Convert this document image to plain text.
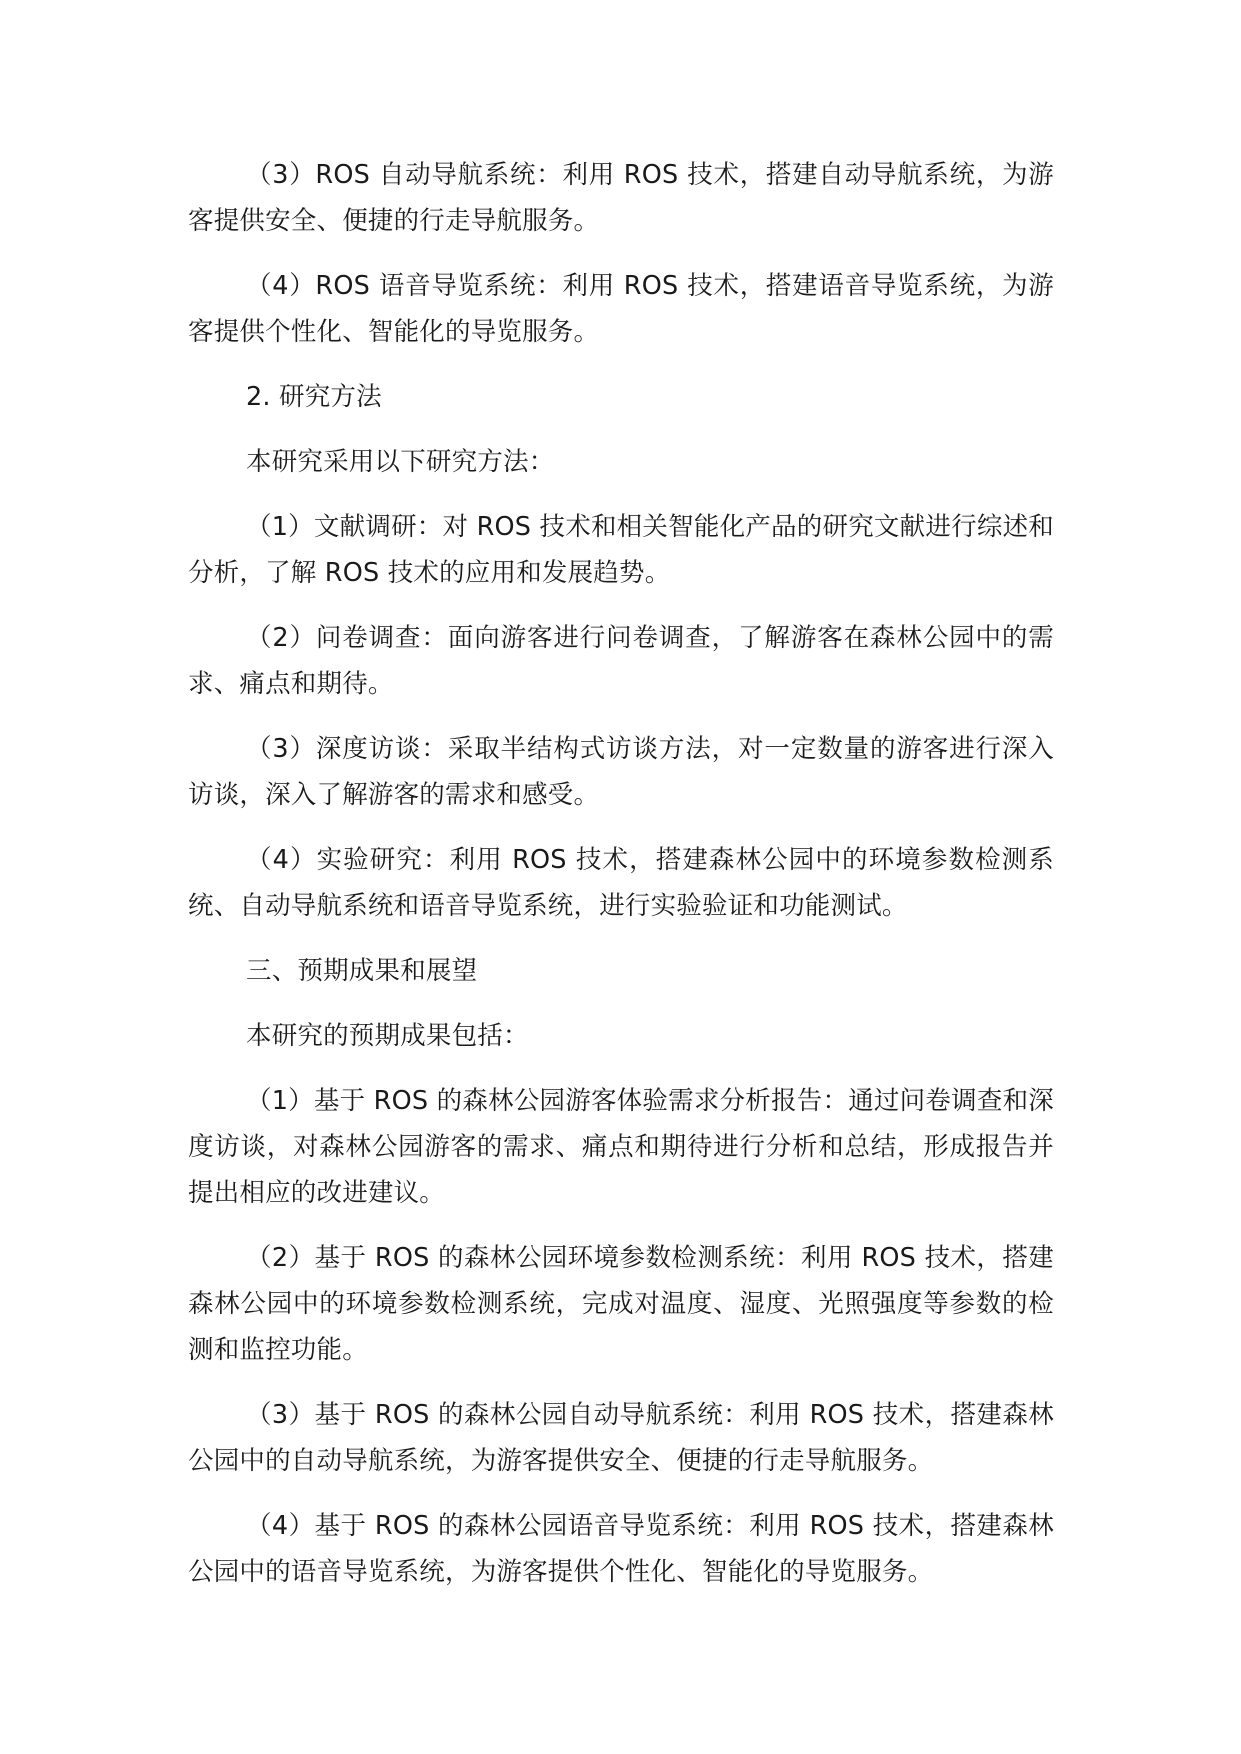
（3）ROS 自动导航系统：利用 ROS 技术，搭建自动导航系统，为游客提供安全、便捷的行走导航服务。

（4）ROS 语音导览系统：利用 ROS 技术，搭建语音导览系统，为游客提供个性化、智能化的导览服务。

2. 研究方法

本研究采用以下研究方法：

（1）文献调研：对 ROS 技术和相关智能化产品的研究文献进行综述和分析，了解 ROS 技术的应用和发展趋势。

（2）问卷调查：面向游客进行问卷调查，了解游客在森林公园中的需求、痛点和期待。

（3）深度访谈：采取半结构式访谈方法，对一定数量的游客进行深入访谈，深入了解游客的需求和感受。

（4）实验研究：利用 ROS 技术，搭建森林公园中的环境参数检测系统、自动导航系统和语音导览系统，进行实验验证和功能测试。

三、预期成果和展望

本研究的预期成果包括：

（1）基于 ROS 的森林公园游客体验需求分析报告：通过问卷调查和深度访谈，对森林公园游客的需求、痛点和期待进行分析和总结，形成报告并提出相应的改进建议。

（2）基于 ROS 的森林公园环境参数检测系统：利用 ROS 技术，搭建森林公园中的环境参数检测系统，完成对温度、湿度、光照强度等参数的检测和监控功能。

（3）基于 ROS 的森林公园自动导航系统：利用 ROS 技术，搭建森林公园中的自动导航系统，为游客提供安全、便捷的行走导航服务。

（4）基于 ROS 的森林公园语音导览系统：利用 ROS 技术，搭建森林公园中的语音导览系统，为游客提供个性化、智能化的导览服务。
